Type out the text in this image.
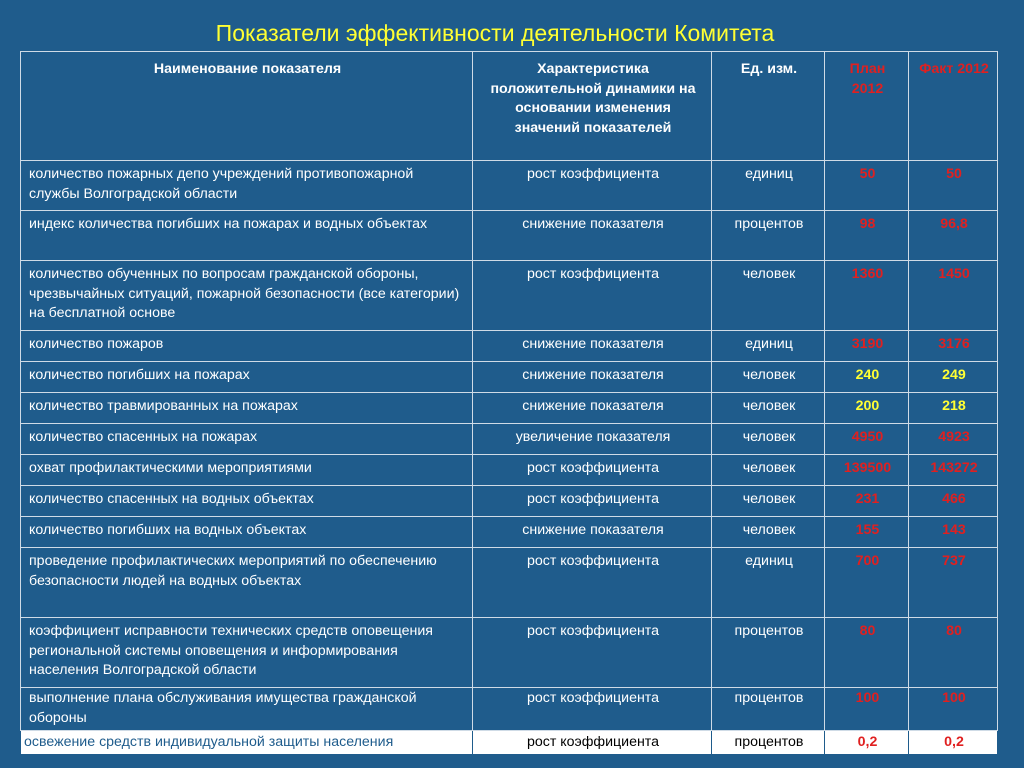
Показатели эффективности деятельности Комитета
Наименование показателя	Характеристика положительной динамики на основании изменения значений показателей	Ед. изм.	План 2012	Факт 2012
количество пожарных депо учреждений противопожарной службы Волгоградской области	рост коэффициента	единиц	50	50
индекс количества погибших на пожарах и водных объектах	снижение показателя	процентов	98	96,8
количество обученных по вопросам гражданской обороны, чрезвычайных ситуаций, пожарной безопасности (все категории) на бесплатной основе	рост коэффициента	человек	1360	1450
количество пожаров	снижение показателя	единиц	3190	3176
количество погибших на пожарах	снижение показателя	человек	240	249
количество травмированных на пожарах	снижение показателя	человек	200	218
количество спасенных на пожарах	увеличение показателя	человек	4950	4923
охват профилактическими мероприятиями	рост коэффициента	человек	139500	143272
количество спасенных на водных объектах	рост коэффициента	человек	231	466
количество погибших на водных объектах	снижение показателя	человек	155	143
проведение профилактических мероприятий по обеспечению безопасности людей на водных объектах	рост коэффициента	единиц	700	737
коэффициент исправности технических средств оповещения региональной системы оповещения и информирования населения Волгоградской области	рост коэффициента	процентов	80	80
выполнение плана обслуживания имущества гражданской обороны	рост коэффициента	процентов	100	100
освежение средств индивидуальной защиты населения	рост коэффициента	процентов	0,2	0,2
